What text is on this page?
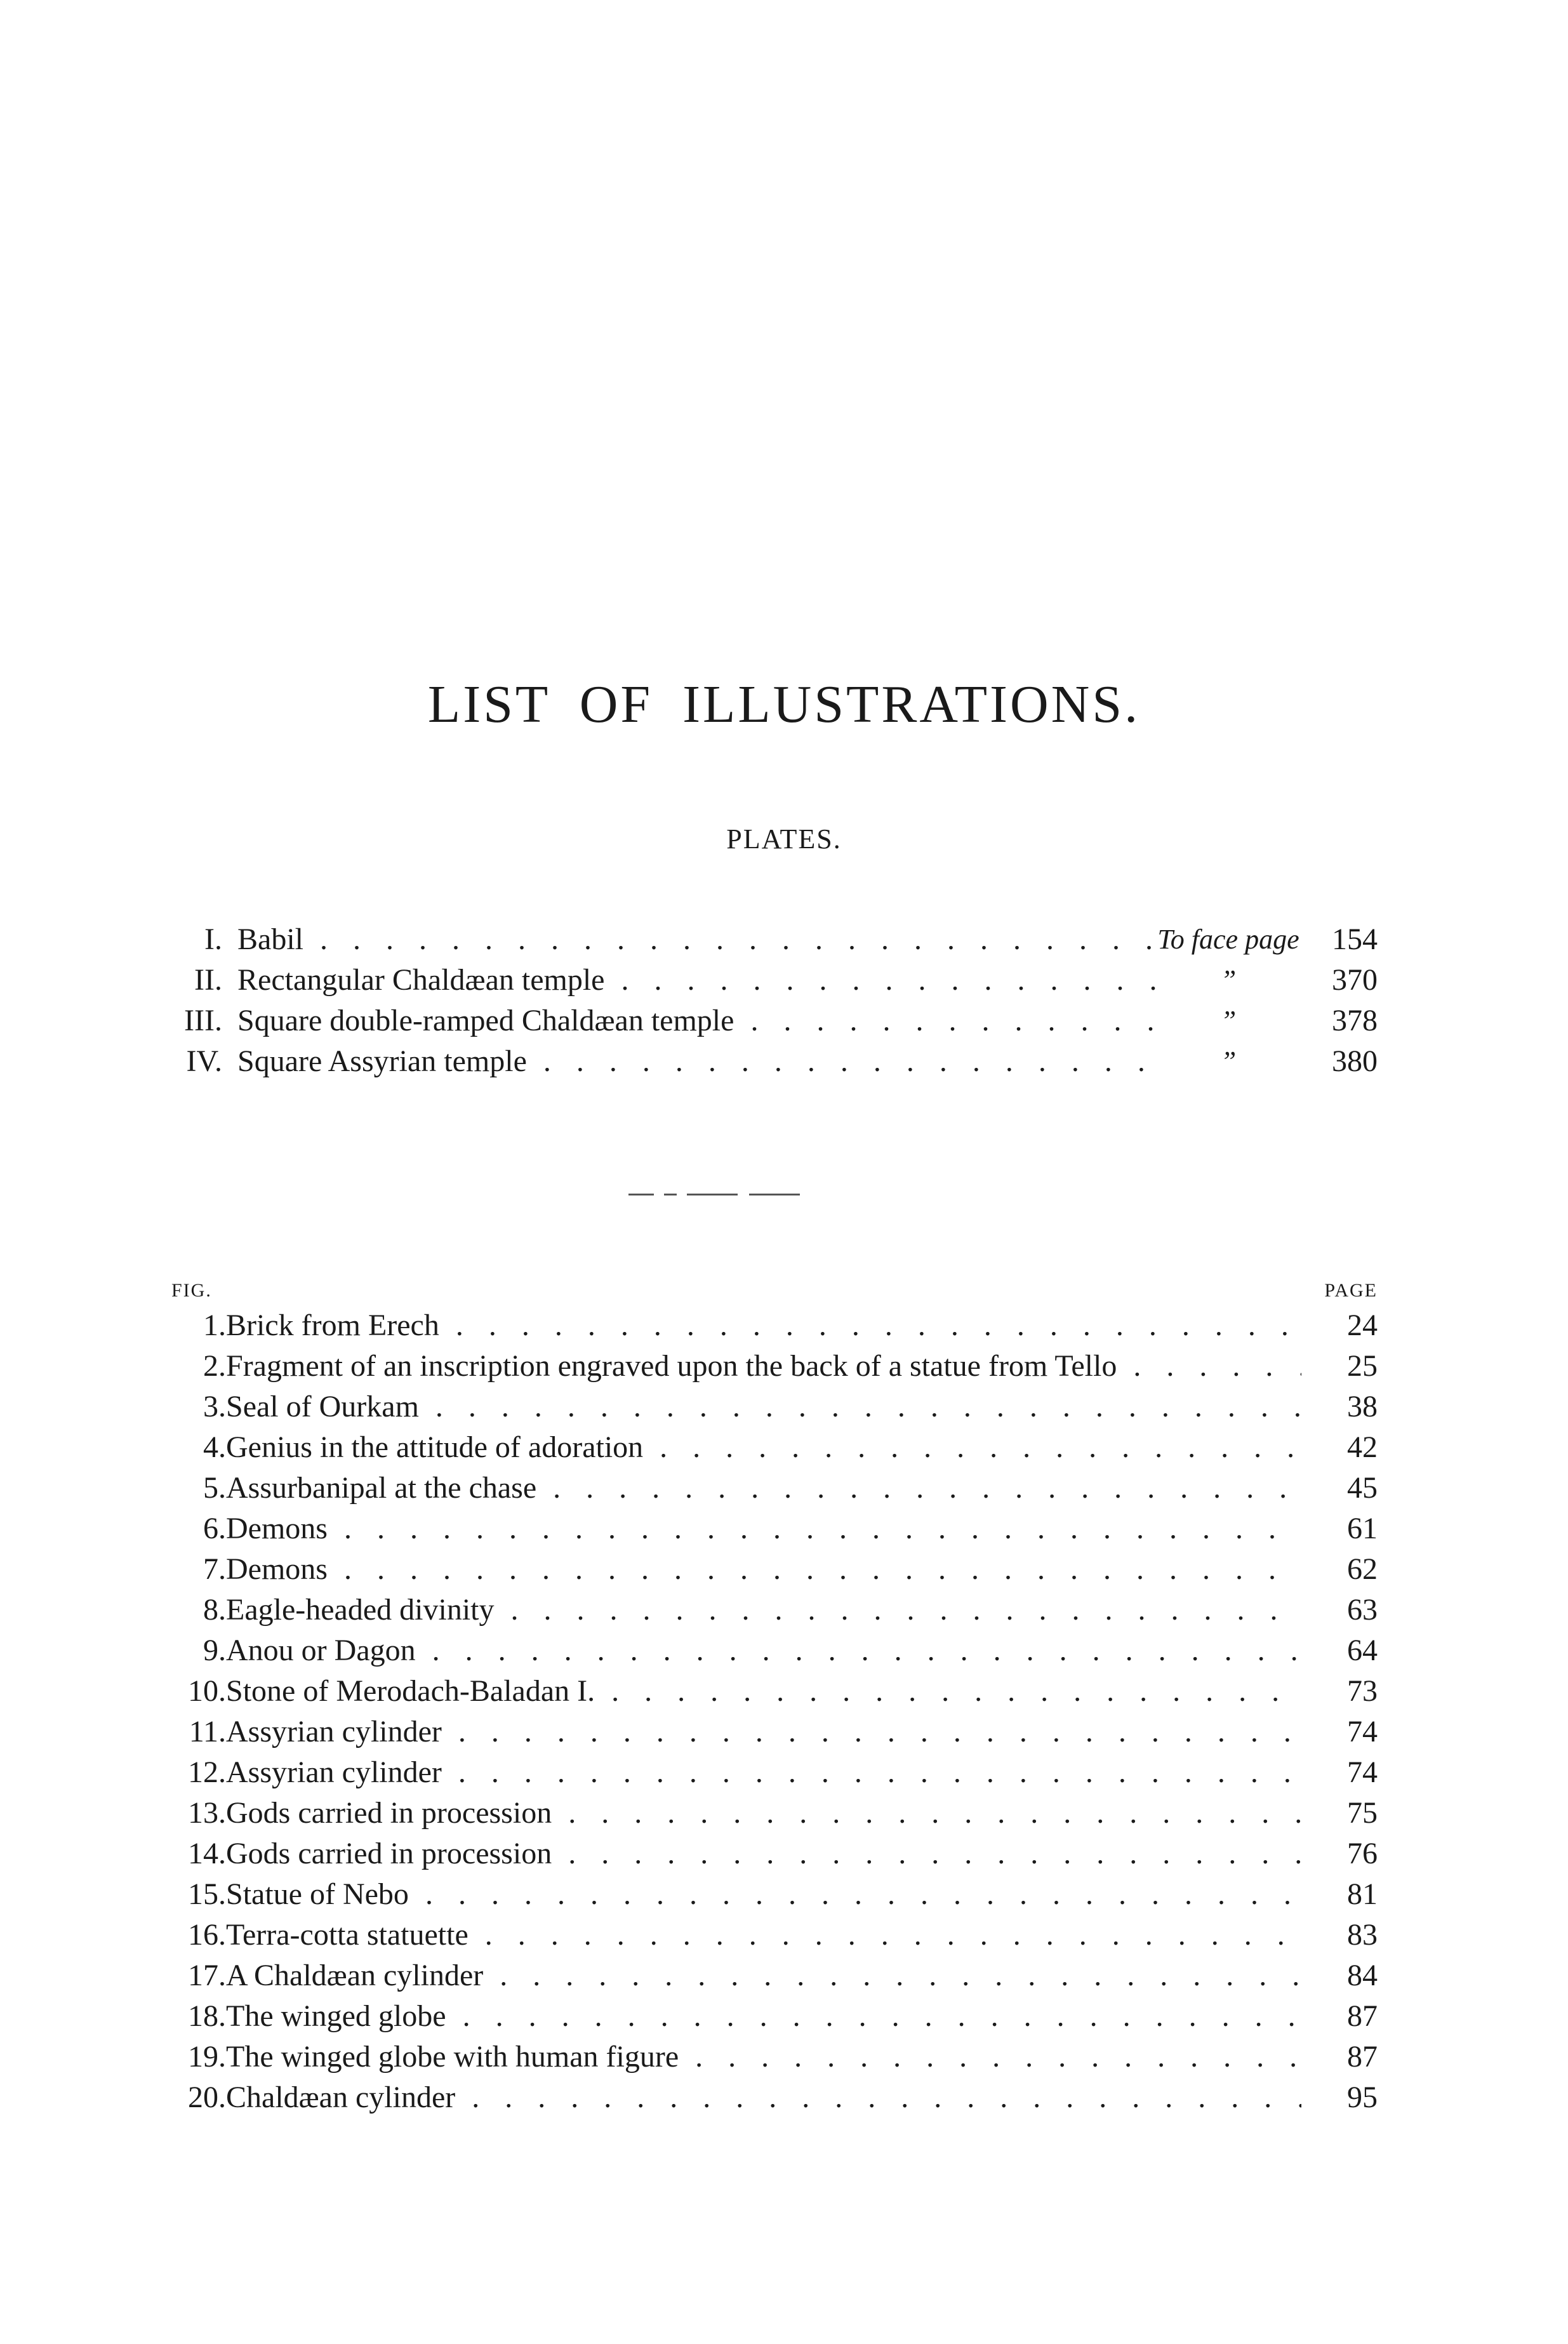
LIST OF ILLUSTRATIONS.
PLATES.
I. Babil . . .	To face page	154
II. Rectangular Chaldæan temple . . .	”	370
III. Square double-ramped Chaldæan temple . . .	”	378
IV. Square Assyrian temple . . .	”	380
FIG.	PAGE
1. Brick from Erech . . .	24
2. Fragment of an inscription engraved upon the back of a statue from Tello . . .	25
3. Seal of Ourkam . . .	38
4. Genius in the attitude of adoration . . .	42
5. Assurbanipal at the chase . . .	45
6. Demons . . .	61
7. Demons . . .	62
8. Eagle-headed divinity . . .	63
9. Anou or Dagon . . .	64
10. Stone of Merodach-Baladan I. . . .	73
11. Assyrian cylinder . . .	74
12. Assyrian cylinder . . .	74
13. Gods carried in procession . . .	75
14. Gods carried in procession . . .	76
15. Statue of Nebo . . .	81
16. Terra-cotta statuette . . .	83
17. A Chaldæan cylinder . . .	84
18. The winged globe . . .	87
19. The winged globe with human figure . . .	87
20. Chaldæan cylinder . . .	95
